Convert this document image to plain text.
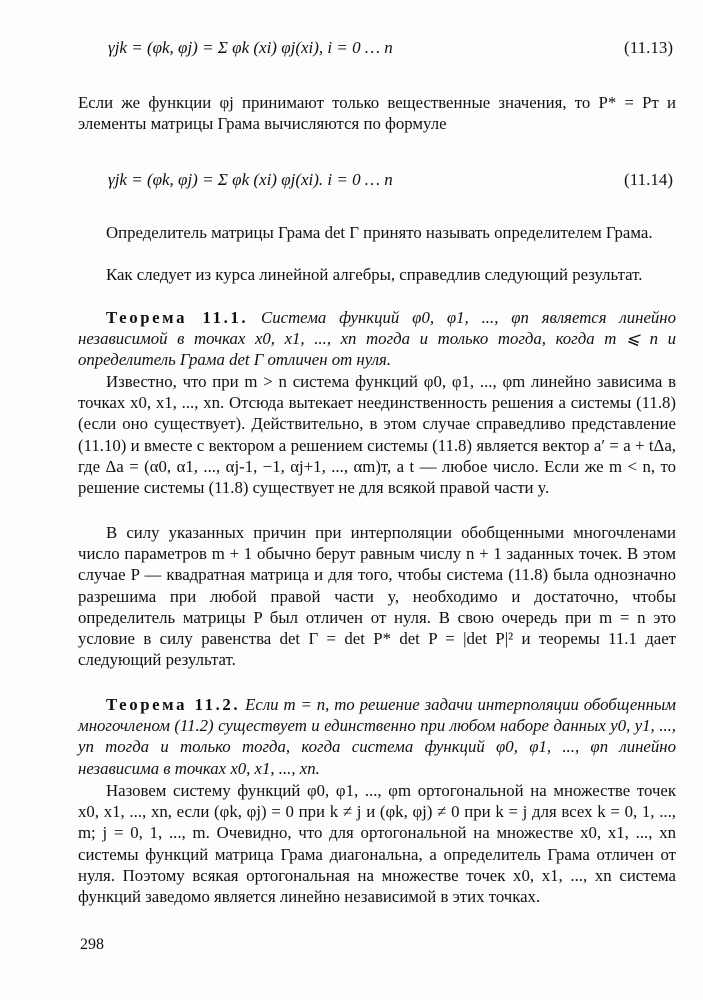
γjk = (φk, φj) = Σ φk (xi) φj(xi), i = 0 … n	(11.13)
Если же функции φj принимают только вещественные значения, то P* = Pт и элементы матрицы Грама вычисляются по формуле
γjk = (φk, φj) = Σ φk (xi) φj(xi). i = 0 … n	(11.14)
Определитель матрицы Грама det Γ принято называть определителем Грама.
Как следует из курса линейной алгебры, справедлив следующий результат.
Теорема 11.1. Система функций φ0, φ1, ..., φn является линейно независимой в точках x0, x1, ..., xn тогда и только тогда, когда m ⩽ n и определитель Грама det Γ отличен от нуля.
Известно, что при m > n система функций φ0, φ1, ..., φm линейно зависима в точках x0, x1, ..., xn. Отсюда вытекает неединственность решения a системы (11.8) (если оно существует). Действительно, в этом случае справедливо представление (11.10) и вместе с вектором a решением системы (11.8) является вектор a′ = a + tΔa, где Δa = (α0, α1, ..., αj-1, −1, αj+1, ..., αm)т, а t — любое число. Если же m < n, то решение системы (11.8) существует не для всякой правой части y.
В силу указанных причин при интерполяции обобщенными многочленами число параметров m + 1 обычно берут равным числу n + 1 заданных точек. В этом случае P — квадратная матрица и для того, чтобы система (11.8) была однозначно разрешима при любой правой части y, необходимо и достаточно, чтобы определитель матрицы P был отличен от нуля. В свою очередь при m = n это условие в силу равенства det Γ = det P* det P = |det P|² и теоремы 11.1 дает следующий результат.
Теорема 11.2. Если m = n, то решение задачи интерполяции обобщенным многочленом (11.2) существует и единственно при любом наборе данных y0, y1, ..., yn тогда и только тогда, когда система функций φ0, φ1, ..., φn линейно независима в точках x0, x1, ..., xn.
Назовем систему функций φ0, φ1, ..., φm ортогональной на множестве точек x0, x1, ..., xn, если (φk, φj) = 0 при k ≠ j и (φk, φj) ≠ 0 при k = j для всех k = 0, 1, ..., m; j = 0, 1, ..., m. Очевидно, что для ортогональной на множестве x0, x1, ..., xn системы функций матрица Грама диагональна, а определитель Грама отличен от нуля. Поэтому всякая ортогональная на множестве точек x0, x1, ..., xn система функций заведомо является линейно независимой в этих точках.
298
